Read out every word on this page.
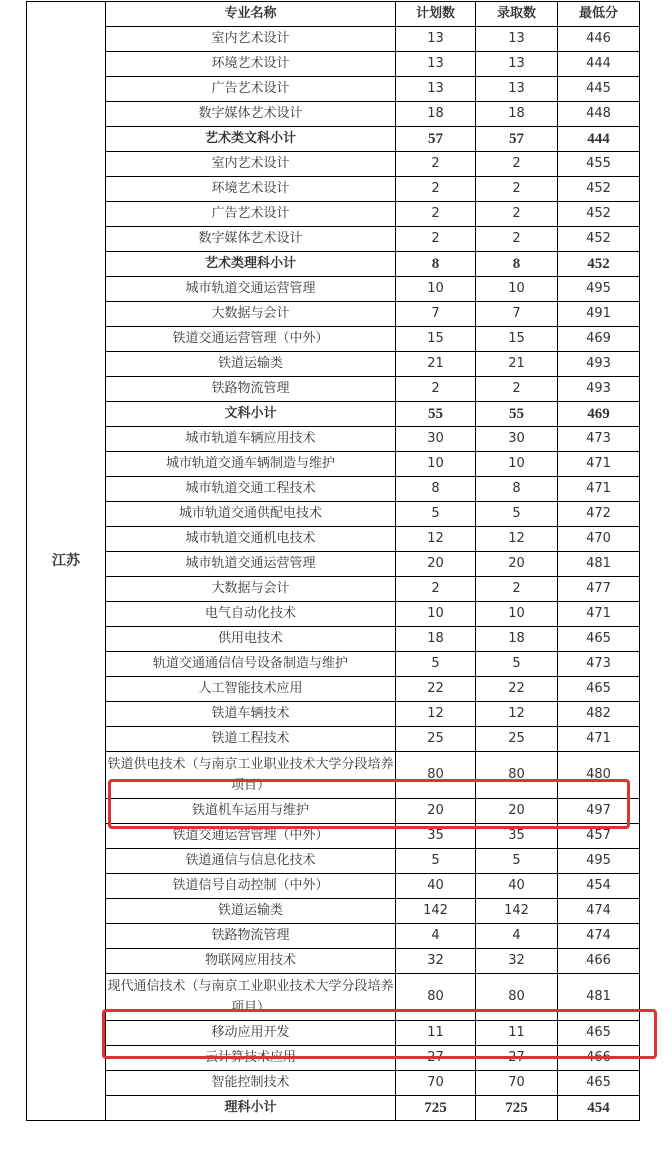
江苏	专业名称	计划数	录取数	最低分
	室内艺术设计	13	13	446
	环境艺术设计	13	13	444
	广告艺术设计	13	13	445
	数字媒体艺术设计	18	18	448
	艺术类文科小计	57	57	444
	室内艺术设计	2	2	455
	环境艺术设计	2	2	452
	广告艺术设计	2	2	452
	数字媒体艺术设计	2	2	452
	艺术类理科小计	8	8	452
	城市轨道交通运营管理	10	10	495
	大数据与会计	7	7	491
	铁道交通运营管理（中外）	15	15	469
	铁道运输类	21	21	493
	铁路物流管理	2	2	493
	文科小计	55	55	469
	城市轨道车辆应用技术	30	30	473
	城市轨道交通车辆制造与维护	10	10	471
	城市轨道交通工程技术	8	8	471
	城市轨道交通供配电技术	5	5	472
	城市轨道交通机电技术	12	12	470
	城市轨道交通运营管理	20	20	481
	大数据与会计	2	2	477
	电气自动化技术	10	10	471
	供用电技术	18	18	465
	轨道交通通信信号设备制造与维护	5	5	473
	人工智能技术应用	22	22	465
	铁道车辆技术	12	12	482
	铁道工程技术	25	25	471
	铁道供电技术（与南京工业职业技术大学分段培养项目）	80	80	480
	铁道机车运用与维护	20	20	497
	铁道交通运营管理（中外）	35	35	457
	铁道通信与信息化技术	5	5	495
	铁道信号自动控制（中外）	40	40	454
	铁道运输类	142	142	474
	铁路物流管理	4	4	474
	物联网应用技术	32	32	466
	现代通信技术（与南京工业职业技术大学分段培养项目）	80	80	481
	移动应用开发	11	11	465
	云计算技术应用	27	27	466
	智能控制技术	70	70	465
	理科小计	725	725	454
